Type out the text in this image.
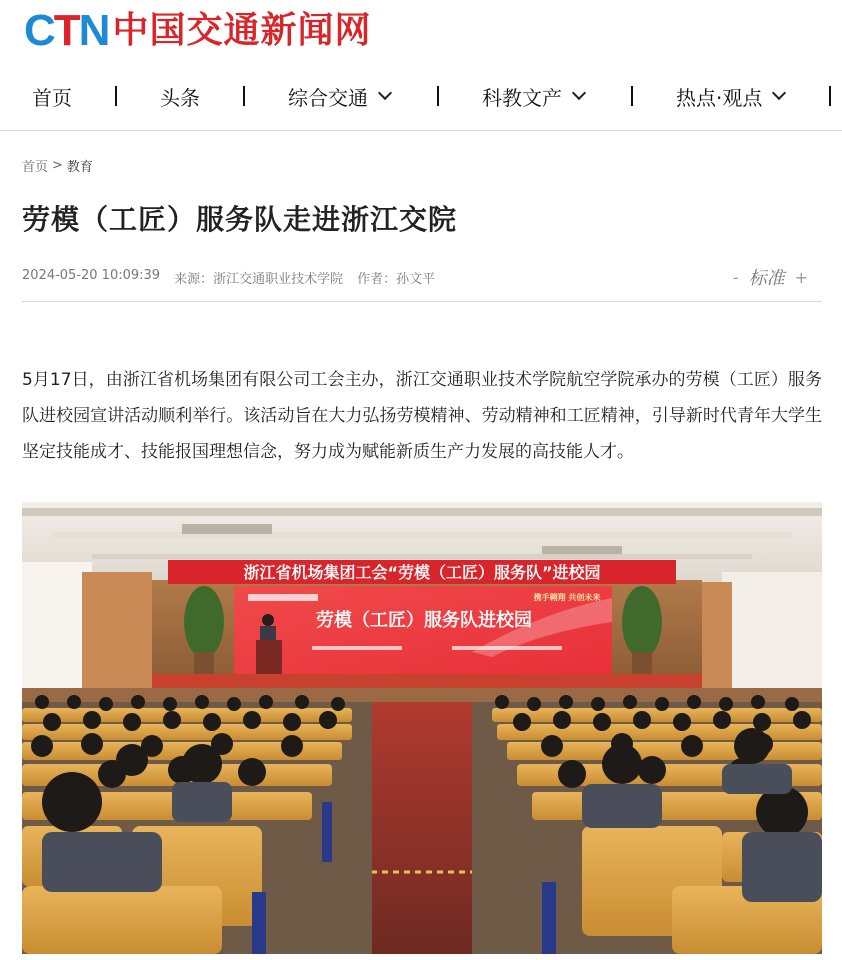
CTN 中国交通新闻网
首页	头条	综合交通	科教文产	热点·观点
首页 > 教育
劳模（工匠）服务队走进浙江交院
2024-05-20 10:09:39 来源：浙江交通职业技术学院 作者：孙文平	- 标准 +

5月17日，由浙江省机场集团有限公司工会主办，浙江交通职业技术学院航空学院承办的劳模（工匠）服务队进校园宣讲活动顺利举行。该活动旨在大力弘扬劳模精神、劳动精神和工匠精神，引导新时代青年大学生坚定技能成才、技能报国理想信念，努力成为赋能新质生产力发展的高技能人才。

浙江省机场集团工会“劳模（工匠）服务队”进校园
劳模（工匠）服务队进校园
携手翱翔 共创未来
